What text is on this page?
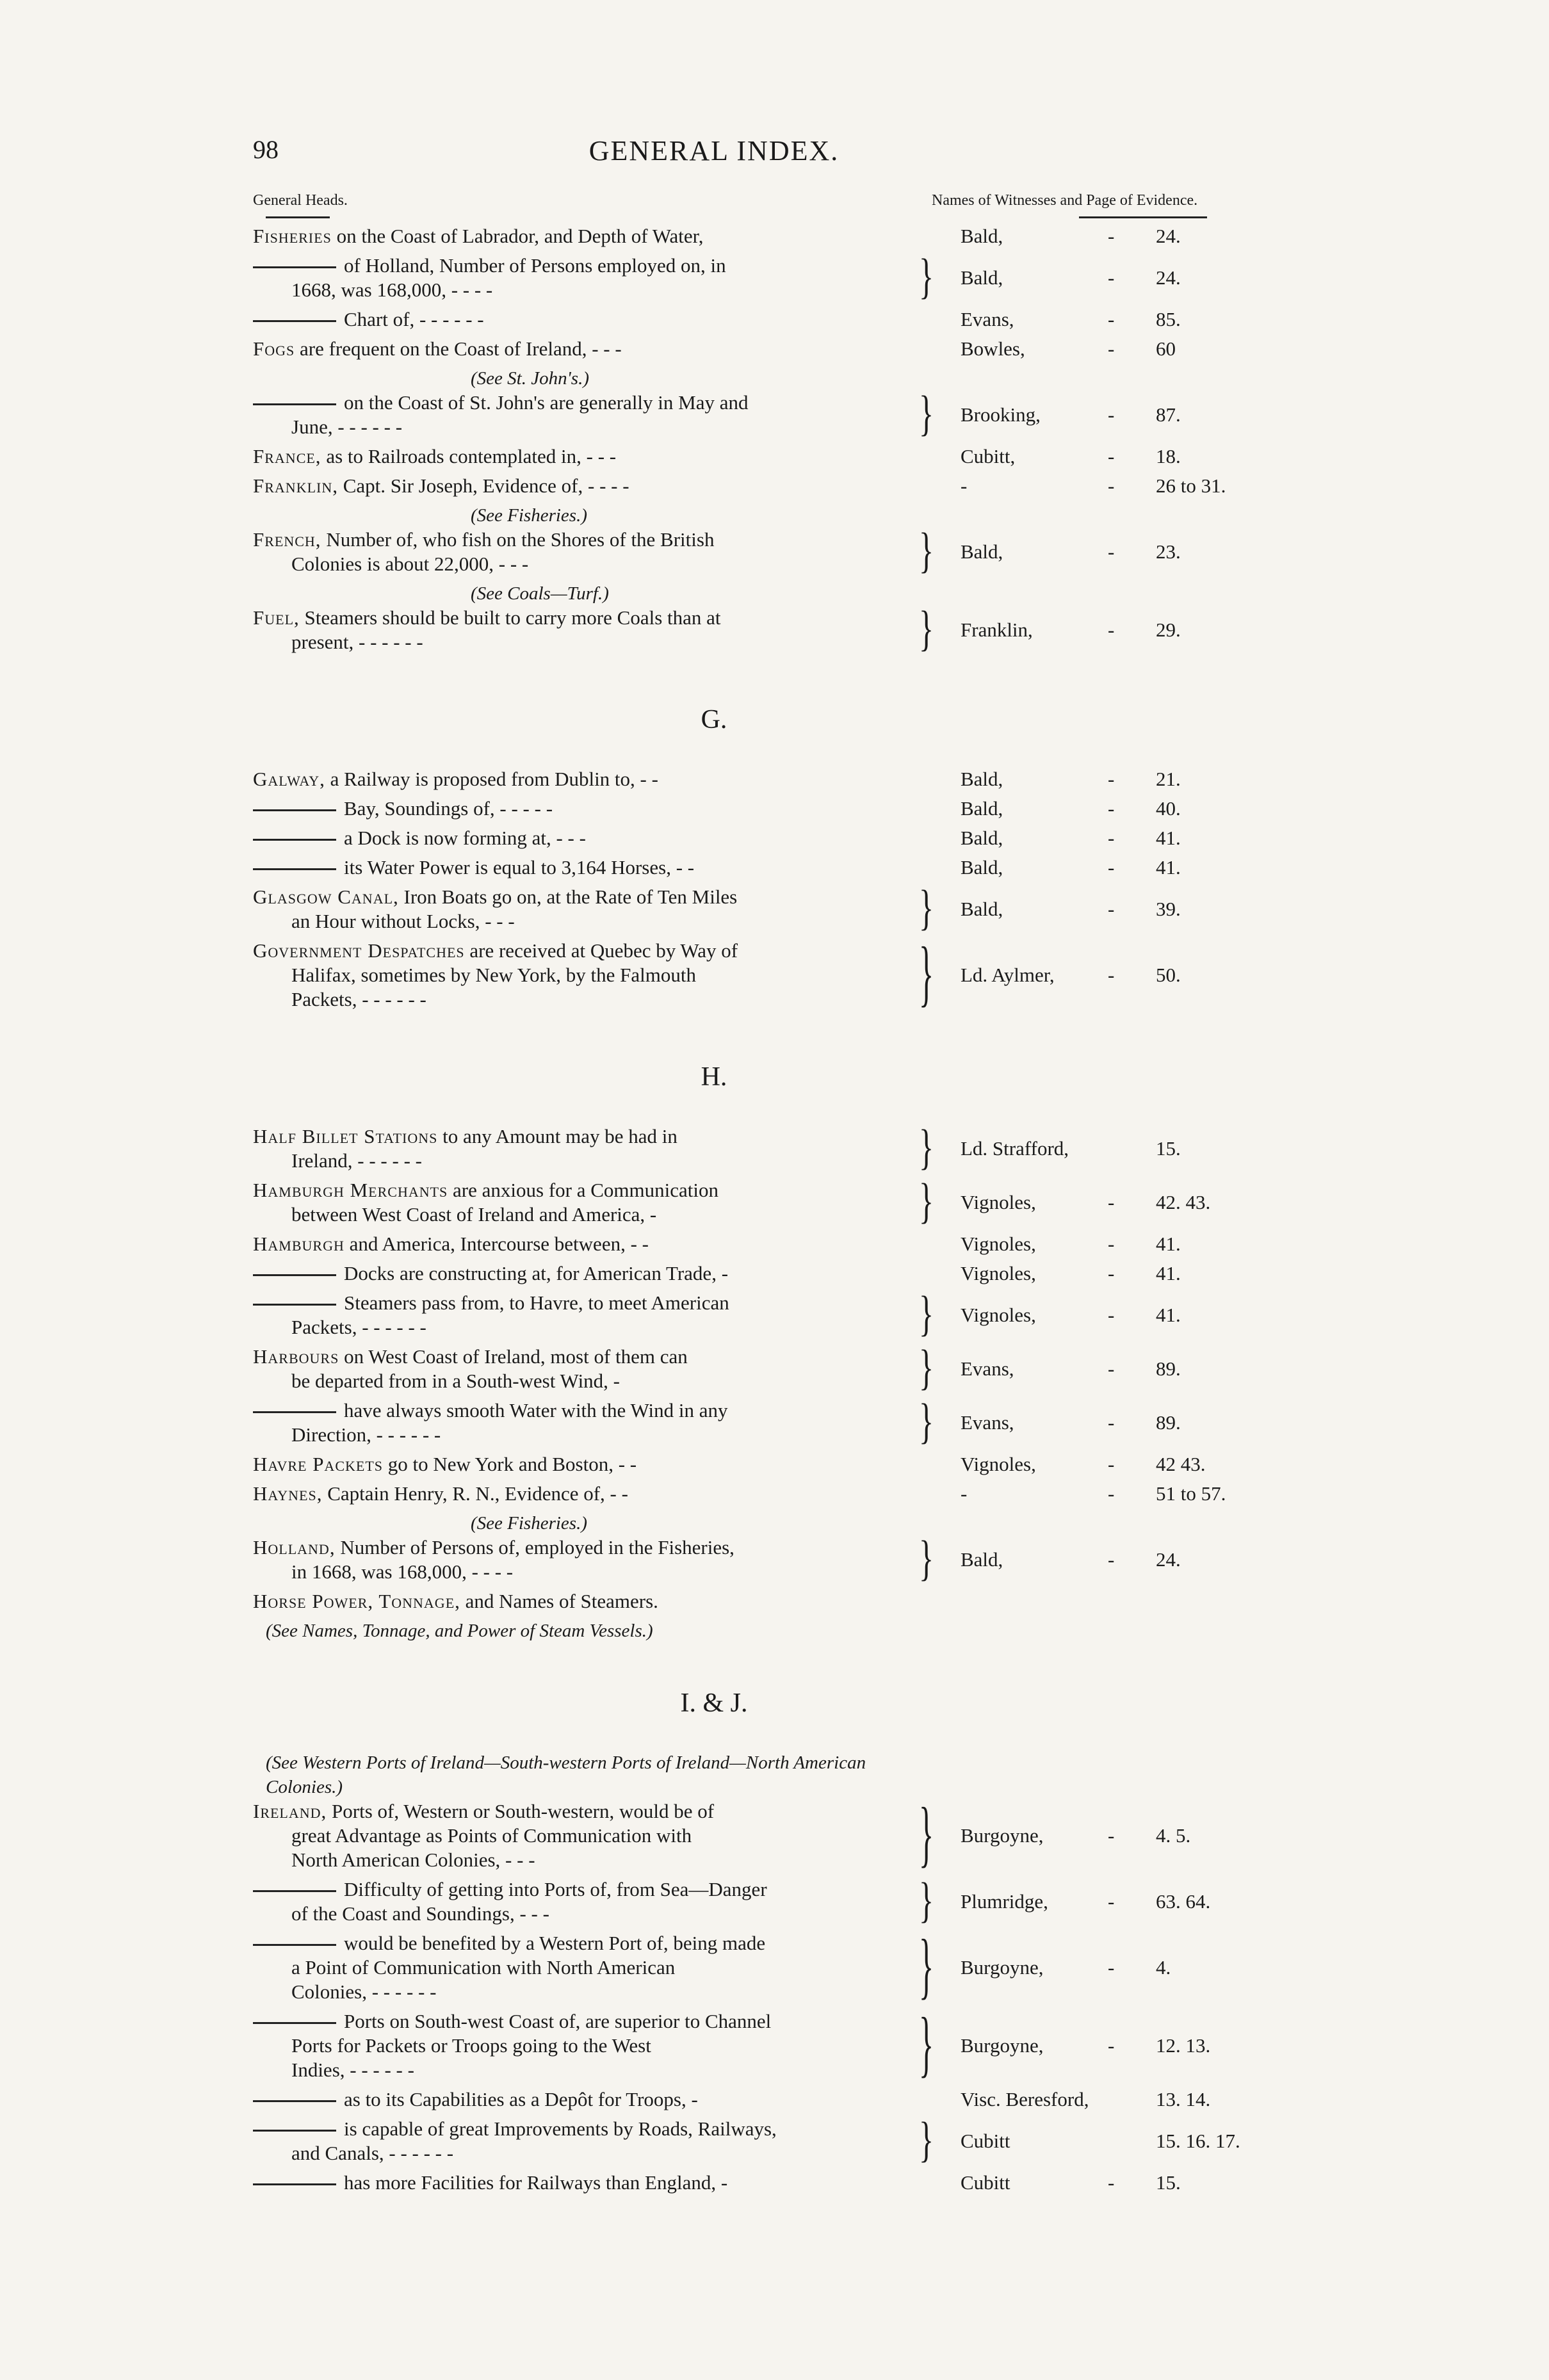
98	GENERAL INDEX.
General Heads.	Names of Witnesses and Page of Evidence.
Fisheries on the Coast of Labrador, and Depth of Water,	Bald,	- 24.
of Holland, Number of Persons employed on, in
1668, was 168,000, - - - -	} Bald,	- 24.
Chart of, - - - - - -	Evans,	- 85.
Fogs are frequent on the Coast of Ireland, - - -	Bowles,	- 60

(See St. John's.)

on the Coast of St. John's are generally in May and
June, - - - - - -	} Brooking,	- 87.
France, as to Railroads contemplated in, - - -	Cubitt,	- 18.
Franklin, Capt. Sir Joseph, Evidence of, - - - -	-	- 26 to 31.

(See Fisheries.)

French, Number of, who fish on the Shores of the British
Colonies is about 22,000, - - -	} Bald,	- 23.

(See Coals—Turf.)

Fuel, Steamers should be built to carry more Coals than at
present, - - - - - -	} Franklin,	- 29.
G.
Galway, a Railway is proposed from Dublin to, - -	Bald,	- 21.
Bay, Soundings of, - - - - -	Bald,	- 40.
a Dock is now forming at, - - -	Bald,	- 41.
its Water Power is equal to 3,164 Horses, - -	Bald,	- 41.
Glasgow Canal, Iron Boats go on, at the Rate of Ten Miles
an Hour without Locks, - - -	} Bald,	- 39.
Government Despatches are received at Quebec by Way of
Halifax, sometimes by New York, by the Falmouth
Packets, - - - - - -	} Ld. Aylmer,	- 50.
H.
Half Billet Stations to any Amount may be had in
Ireland, - - - - - -	} Ld. Strafford,	15.
Hamburgh Merchants are anxious for a Communication
between West Coast of Ireland and America, -	} Vignoles,	- 42. 43.
Hamburgh and America, Intercourse between, - -	Vignoles,	- 41.
Docks are constructing at, for American Trade, -	Vignoles,	- 41.
Steamers pass from, to Havre, to meet American
Packets, - - - - - -	} Vignoles,	- 41.
Harbours on West Coast of Ireland, most of them can
be departed from in a South-west Wind, -	} Evans,	- 89.
have always smooth Water with the Wind in any
Direction, - - - - - -	} Evans,	- 89.
Havre Packets go to New York and Boston, - -	Vignoles,	- 42 43.
Haynes, Captain Henry, R. N., Evidence of, - -	-	- 51 to 57.

(See Fisheries.)

Holland, Number of Persons of, employed in the Fisheries,
in 1668, was 168,000, - - - -	} Bald,	- 24.
Horse Power, Tonnage, and Names of Steamers.

(See Names, Tonnage, and Power of Steam Vessels.)

I. & J.

(See Western Ports of Ireland—South-western Ports of Ireland—North American Colonies.)

Ireland, Ports of, Western or South-western, would be of
great Advantage as Points of Communication with
North American Colonies, - - -	} Burgoyne,	- 4. 5.
Difficulty of getting into Ports of, from Sea—Danger
of the Coast and Soundings, - - -	} Plumridge,	- 63. 64.
would be benefited by a Western Port of, being made
a Point of Communication with North American
Colonies, - - - - - -	} Burgoyne,	- 4.
Ports on South-west Coast of, are superior to Channel
Ports for Packets or Troops going to the West
Indies, - - - - - -	} Burgoyne,	- 12. 13.
as to its Capabilities as a Depôt for Troops, -	Visc. Beresford,	13. 14.
is capable of great Improvements by Roads, Railways,
and Canals, - - - - - -	} Cubitt	15. 16. 17.
has more Facilities for Railways than England, -	Cubitt	- 15.
